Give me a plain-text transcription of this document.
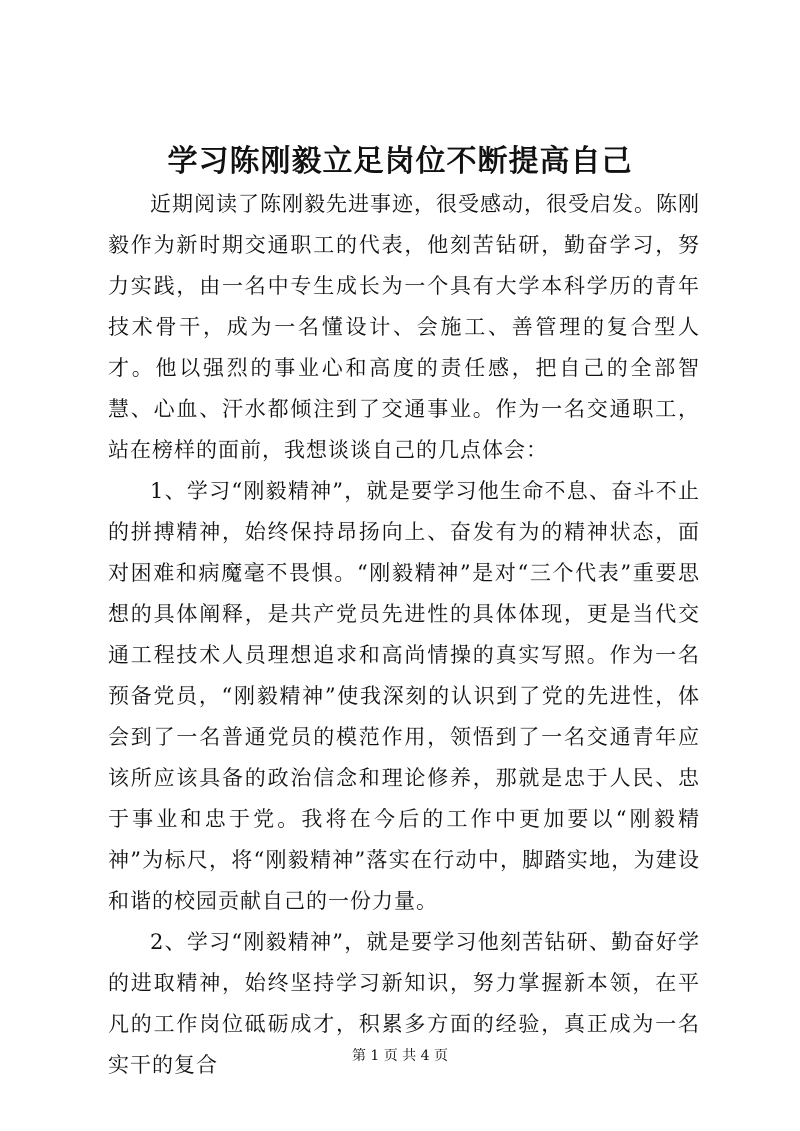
学习陈刚毅立足岗位不断提高自己

近期阅读了陈刚毅先进事迹，很受感动，很受启发。陈刚毅作为新时期交通职工的代表，他刻苦钻研，勤奋学习，努力实践，由一名中专生成长为一个具有大学本科学历的青年技术骨干，成为一名懂设计、会施工、善管理的复合型人才。他以强烈的事业心和高度的责任感，把自己的全部智慧、心血、汗水都倾注到了交通事业。作为一名交通职工，站在榜样的面前，我想谈谈自己的几点体会：

1、学习“刚毅精神”，就是要学习他生命不息、奋斗不止的拼搏精神，始终保持昂扬向上、奋发有为的精神状态，面对困难和病魔毫不畏惧。“刚毅精神”是对“三个代表”重要思想的具体阐释，是共产党员先进性的具体体现，更是当代交通工程技术人员理想追求和高尚情操的真实写照。作为一名预备党员，“刚毅精神”使我深刻的认识到了党的先进性，体会到了一名普通党员的模范作用，领悟到了一名交通青年应该所应该具备的政治信念和理论修养，那就是忠于人民、忠于事业和忠于党。我将在今后的工作中更加要以“刚毅精神”为标尺，将“刚毅精神”落实在行动中，脚踏实地，为建设和谐的校园贡献自己的一份力量。

2、学习“刚毅精神”，就是要学习他刻苦钻研、勤奋好学的进取精神，始终坚持学习新知识，努力掌握新本领，在平凡的工作岗位砥砺成才，积累多方面的经验，真正成为一名实干的复合	第 1 页 共 4 页
